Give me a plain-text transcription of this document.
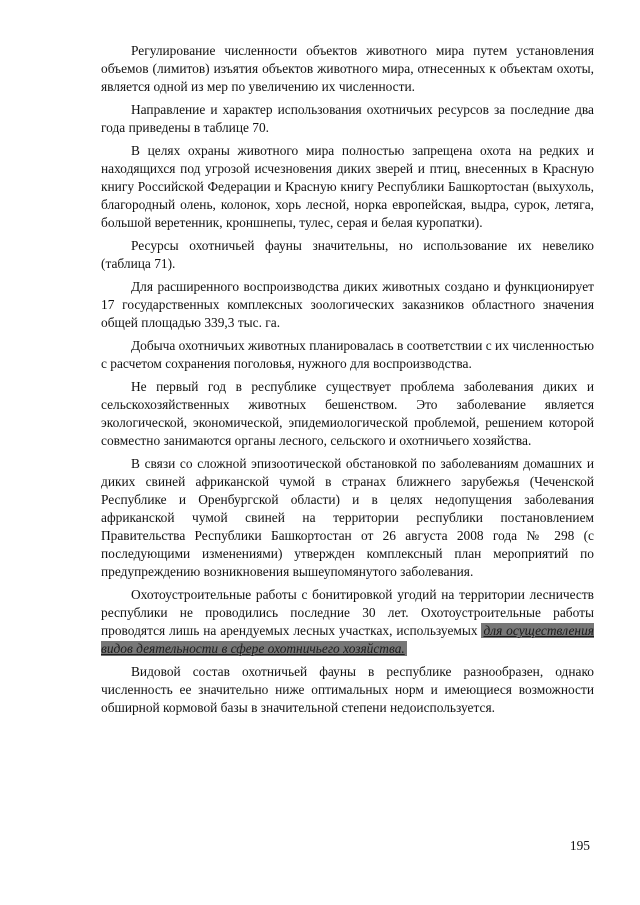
Регулирование численности объектов животного мира путем установления объемов (лимитов) изъятия объектов животного мира, отнесенных к объектам охоты, является одной из мер по увеличению их численности.

Направление и характер использования охотничьих ресурсов за последние два года приведены в таблице 70.

В целях охраны животного мира полностью запрещена охота на редких и находящихся под угрозой исчезновения диких зверей и птиц, внесенных в Красную книгу Российской Федерации и Красную книгу Республики Башкортостан (выхухоль, благородный олень, колонок, хорь лесной, норка европейская, выдра, сурок, летяга, большой веретенник, кроншнепы, тулес, серая и белая куропатки).

Ресурсы охотничьей фауны значительны, но использование их невелико (таблица 71).

Для расширенного воспроизводства диких животных создано и функционирует 17 государственных комплексных зоологических заказников областного значения общей площадью 339,3 тыс. га.

Добыча охотничьих животных планировалась в соответствии с их численностью с расчетом сохранения поголовья, нужного для воспроизводства.

Не первый год в республике существует проблема заболевания диких и сельскохозяйственных животных бешенством. Это заболевание является экологической, экономической, эпидемиологической проблемой, решением которой совместно занимаются органы лесного, сельского и охотничьего хозяйства.

В связи со сложной эпизоотической обстановкой по заболеваниям домашних и диких свиней африканской чумой в странах ближнего зарубежья (Чеченской Республике и Оренбургской области) и в целях недопущения заболевания африканской чумой свиней на территории республики постановлением Правительства Республики Башкортостан от 26 августа 2008 года № 298 (с последующими изменениями) утвержден комплексный план мероприятий по предупреждению возникновения вышеупомянутого заболевания.

Охотоустроительные работы с бонитировкой угодий на территории лесничеств республики не проводились последние 30 лет. Охотоустроительные работы проводятся лишь на арендуемых лесных участках, используемых для осуществления видов деятельности в сфере охотничьего хозяйства.

Видовой состав охотничьей фауны в республике разнообразен, однако численность ее значительно ниже оптимальных норм и имеющиеся возможности обширной кормовой базы в значительной степени недоиспользуется.

195
